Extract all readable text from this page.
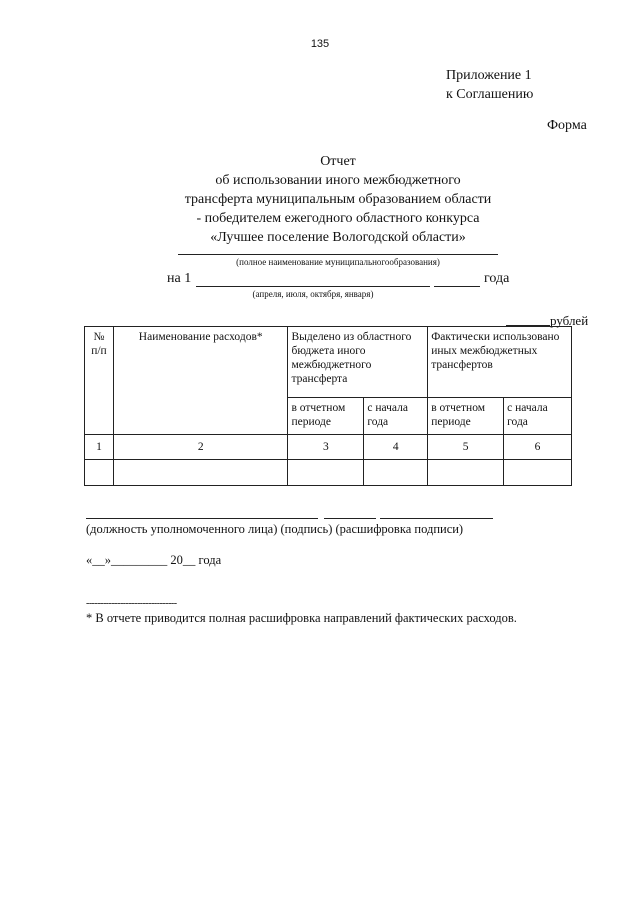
135
Приложение 1
к Соглашению
Форма
Отчет
об использовании иного межбюджетного
трансферта муниципальным образованием области
- победителем ежегодного областного конкурса
«Лучшее поселение Вологодской области»
(полное наименование муниципальногообразования)
на 1	года
(апреля, июля, октября, января)
рублей
№ п/п	Наименование расходов*	Выделено из областного бюджета иного межбюджетного трансферта		Фактически использовано иных межбюджетных трансфертов	
		в отчетном периоде	с начала года	в отчетном периоде	с начала года
1	2	3	4	5	6

(должность уполномоченного лица) (подпись) (расшифровка подписи)
«__»_________ 20__ года
--------------------------------
* В отчете приводится полная расшифровка направлений фактических расходов.
